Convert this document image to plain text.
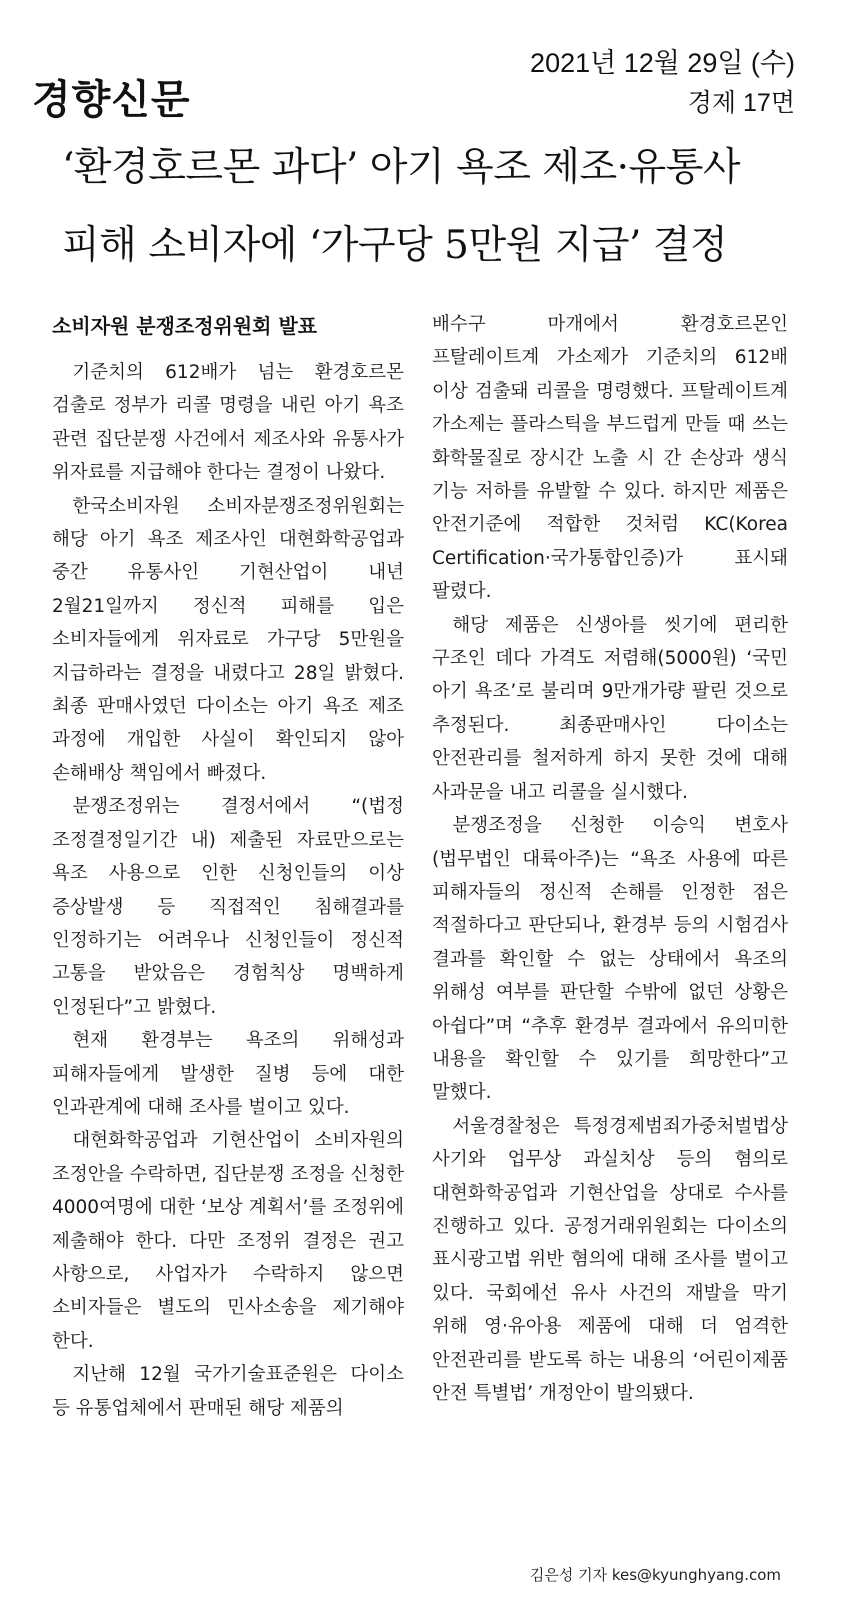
경향신문
2021년 12월 29일 (수)
경제 17면
‘환경호르몬 과다’ 아기 욕조 제조·유통사
피해 소비자에 ‘가구당 5만원 지급’ 결정
소비자원 분쟁조정위원회 발표

기준치의 612배가 넘는 환경호르몬 검출로 정부가 리콜 명령을 내린 아기 욕조 관련 집단분쟁 사건에서 제조사와 유통사가 위자료를 지급해야 한다는 결정이 나왔다.

한국소비자원 소비자분쟁조정위원회는 해당 아기 욕조 제조사인 대현화학공업과 중간 유통사인 기현산업이 내년 2월21일까지 정신적 피해를 입은 소비자들에게 위자료로 가구당 5만원을 지급하라는 결정을 내렸다고 28일 밝혔다. 최종 판매사였던 다이소는 아기 욕조 제조 과정에 개입한 사실이 확인되지 않아 손해배상 책임에서 빠졌다.

분쟁조정위는 결정서에서 “(법정 조정결정일기간 내) 제출된 자료만으로는 욕조 사용으로 인한 신청인들의 이상 증상발생 등 직접적인 침해결과를 인정하기는 어려우나 신청인들이 정신적 고통을 받았음은 경험칙상 명백하게 인정된다”고 밝혔다.

현재 환경부는 욕조의 위해성과 피해자들에게 발생한 질병 등에 대한 인과관계에 대해 조사를 벌이고 있다.

대현화학공업과 기현산업이 소비자원의 조정안을 수락하면, 집단분쟁 조정을 신청한 4000여명에 대한 ‘보상 계획서’를 조정위에 제출해야 한다. 다만 조정위 결정은 권고 사항으로, 사업자가 수락하지 않으면 소비자들은 별도의 민사소송을 제기해야 한다.

지난해 12월 국가기술표준원은 다이소 등 유통업체에서 판매된 해당 제품의

배수구 마개에서 환경호르몬인 프탈레이트계 가소제가 기준치의 612배 이상 검출돼 리콜을 명령했다. 프탈레이트계 가소제는 플라스틱을 부드럽게 만들 때 쓰는 화학물질로 장시간 노출 시 간 손상과 생식 기능 저하를 유발할 수 있다. 하지만 제품은 안전기준에 적합한 것처럼 KC(Korea Certification·국가통합인증)가 표시돼 팔렸다.

해당 제품은 신생아를 씻기에 편리한 구조인 데다 가격도 저렴해(5000원) ‘국민 아기 욕조’로 불리며 9만개가량 팔린 것으로 추정된다. 최종판매사인 다이소는 안전관리를 철저하게 하지 못한 것에 대해 사과문을 내고 리콜을 실시했다.

분쟁조정을 신청한 이승익 변호사(법무법인 대륙아주)는 “욕조 사용에 따른 피해자들의 정신적 손해를 인정한 점은 적절하다고 판단되나, 환경부 등의 시험검사 결과를 확인할 수 없는 상태에서 욕조의 위해성 여부를 판단할 수밖에 없던 상황은 아쉽다”며 “추후 환경부 결과에서 유의미한 내용을 확인할 수 있기를 희망한다”고 말했다.

서울경찰청은 특정경제범죄가중처벌법상 사기와 업무상 과실치상 등의 혐의로 대현화학공업과 기현산업을 상대로 수사를 진행하고 있다. 공정거래위원회는 다이소의 표시광고법 위반 혐의에 대해 조사를 벌이고 있다. 국회에선 유사 사건의 재발을 막기 위해 영·유아용 제품에 대해 더 엄격한 안전관리를 받도록 하는 내용의 ‘어린이제품 안전 특별법’ 개정안이 발의됐다.

김은성 기자 kes@kyunghyang.com
